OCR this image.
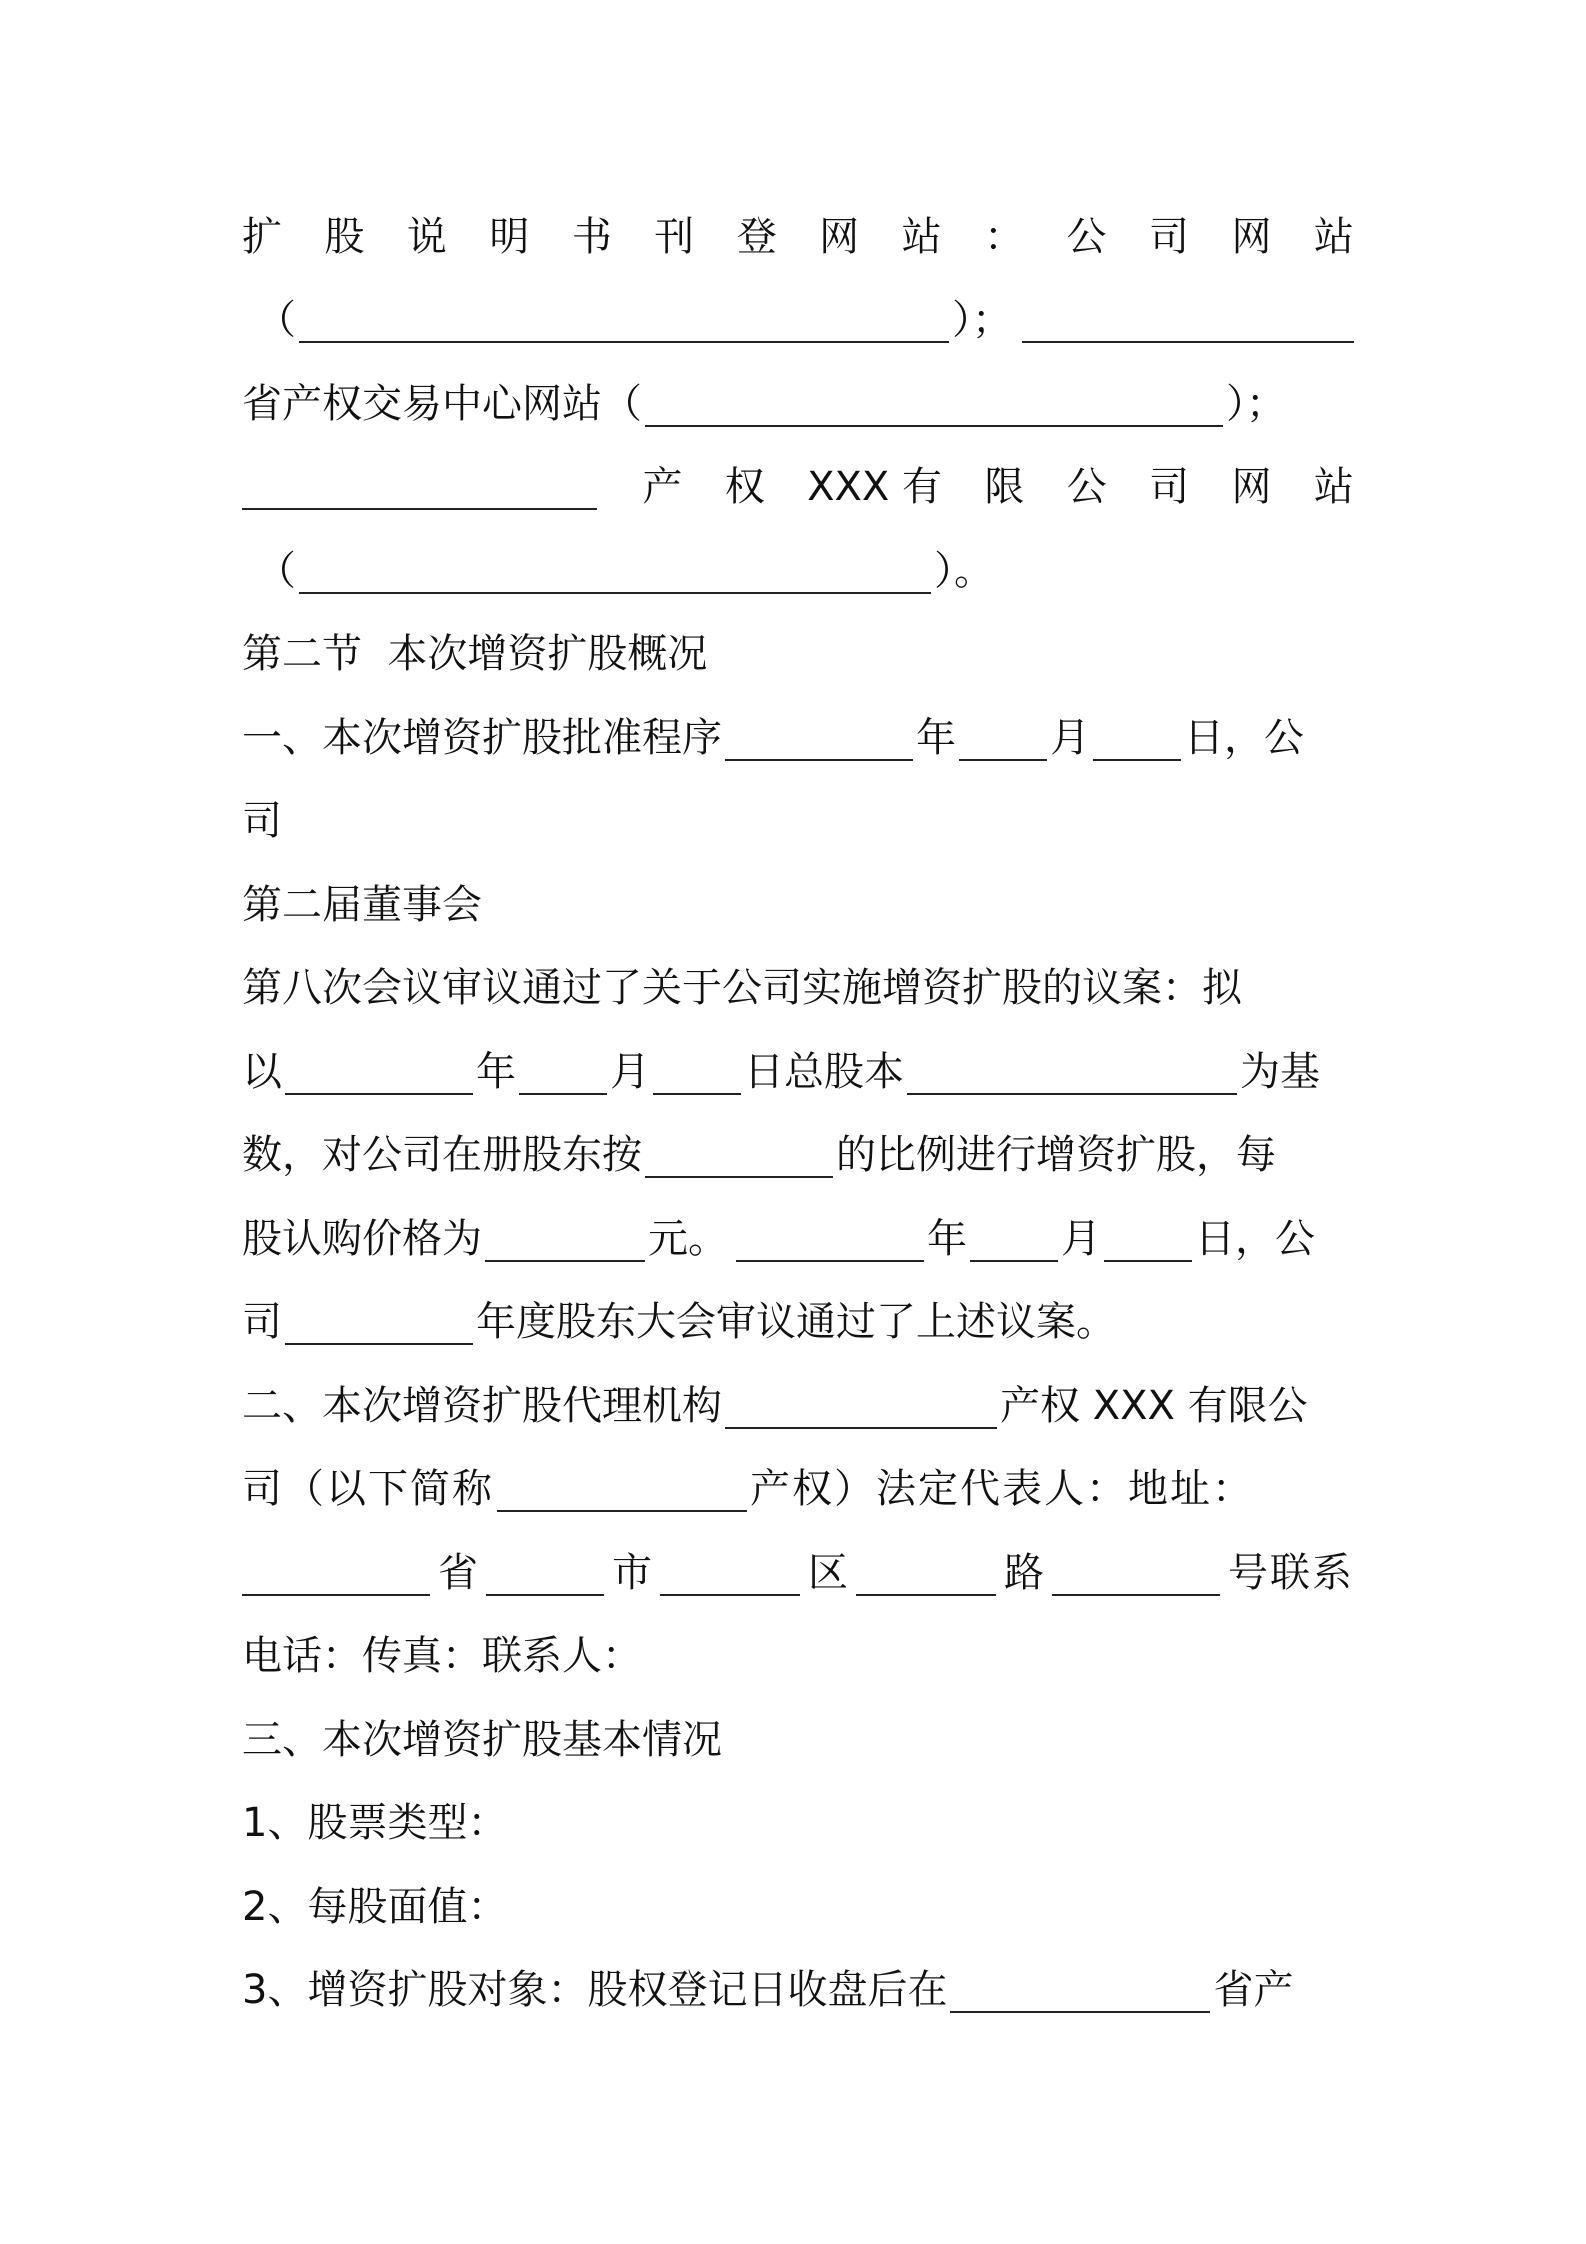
扩 股 说 明 书 刊 登 网 站 ： 公 司 网 站
（	）；
省产权交易中心网站（	）；
产 权 XXX 有 限 公 司 网 站
（	）。
第二节  本次增资扩股概况
一、本次增资扩股批准程序	年 月 日，公
司
第二届董事会
第八次会议审议通过了关于公司实施增资扩股的议案：拟
以	年 月 日总股本	为基
数，对公司在册股东按	的比例进行增资扩股，每
股认购价格为	元。	年 月 日，公
司	年度股东大会审议通过了上述议案。
二、本次增资扩股代理机构	产权 XXX 有限公
司（以下简称	产权）法定代表人：地址：
省	市	区	路	号联系
电话：传真：联系人：
三、本次增资扩股基本情况
1、股票类型：
2、每股面值：
3、增资扩股对象：股权登记日收盘后在	省产
